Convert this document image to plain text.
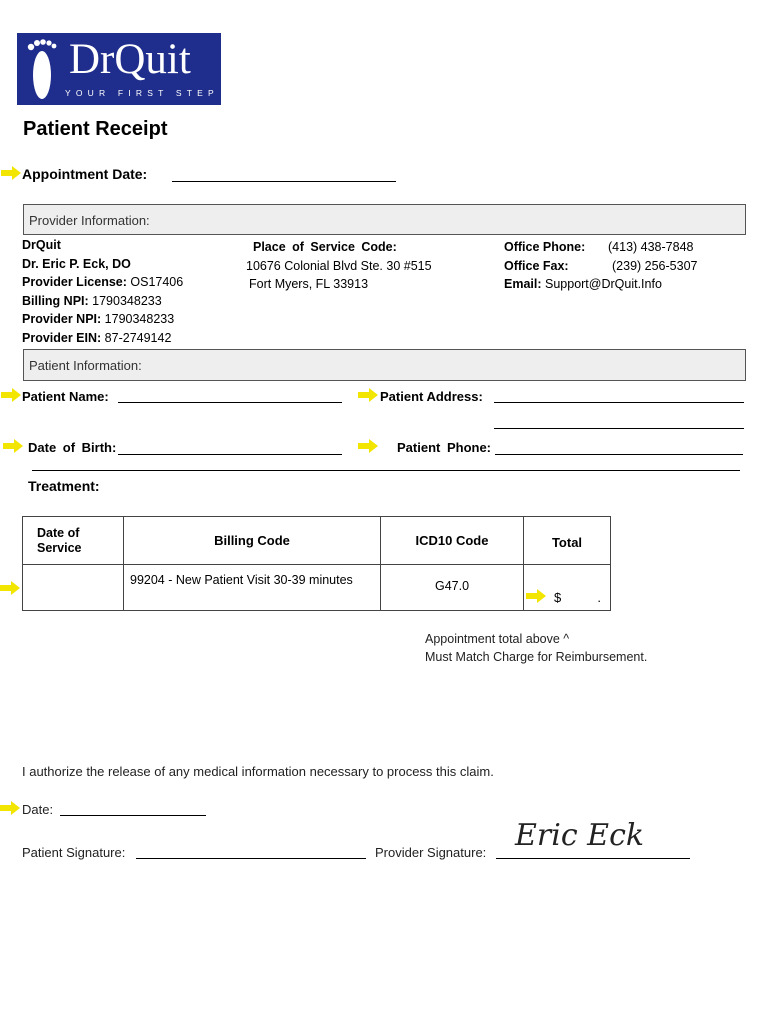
DrQuit
YOUR FIRST STEP
Patient Receipt
Appointment Date:
Provider Information:
DrQuit
Dr. Eric P. Eck, DO
Provider License: OS17406
Billing NPI: 1790348233
Provider NPI: 1790348233
Provider EIN: 87-2749142
Place of Service Code:
10676 Colonial Blvd Ste. 30 #515
Fort Myers, FL 33913
Office Phone: (413) 438-7848
Office Fax:	(239) 256-5307
Email: Support@DrQuit.Info
Patient Information:
Patient Name:	Patient Address:
Date of Birth:	Patient Phone:
Treatment:
Date of Service	Billing Code	ICD10 Code	Total
	99204 - New Patient Visit 30-39 minutes	G47.0	$          .
Appointment total above ^
Must Match Charge for Reimbursement.
I authorize the release of any medical information necessary to process this claim.
Date:
Patient Signature:	Provider Signature: Eric Eck
